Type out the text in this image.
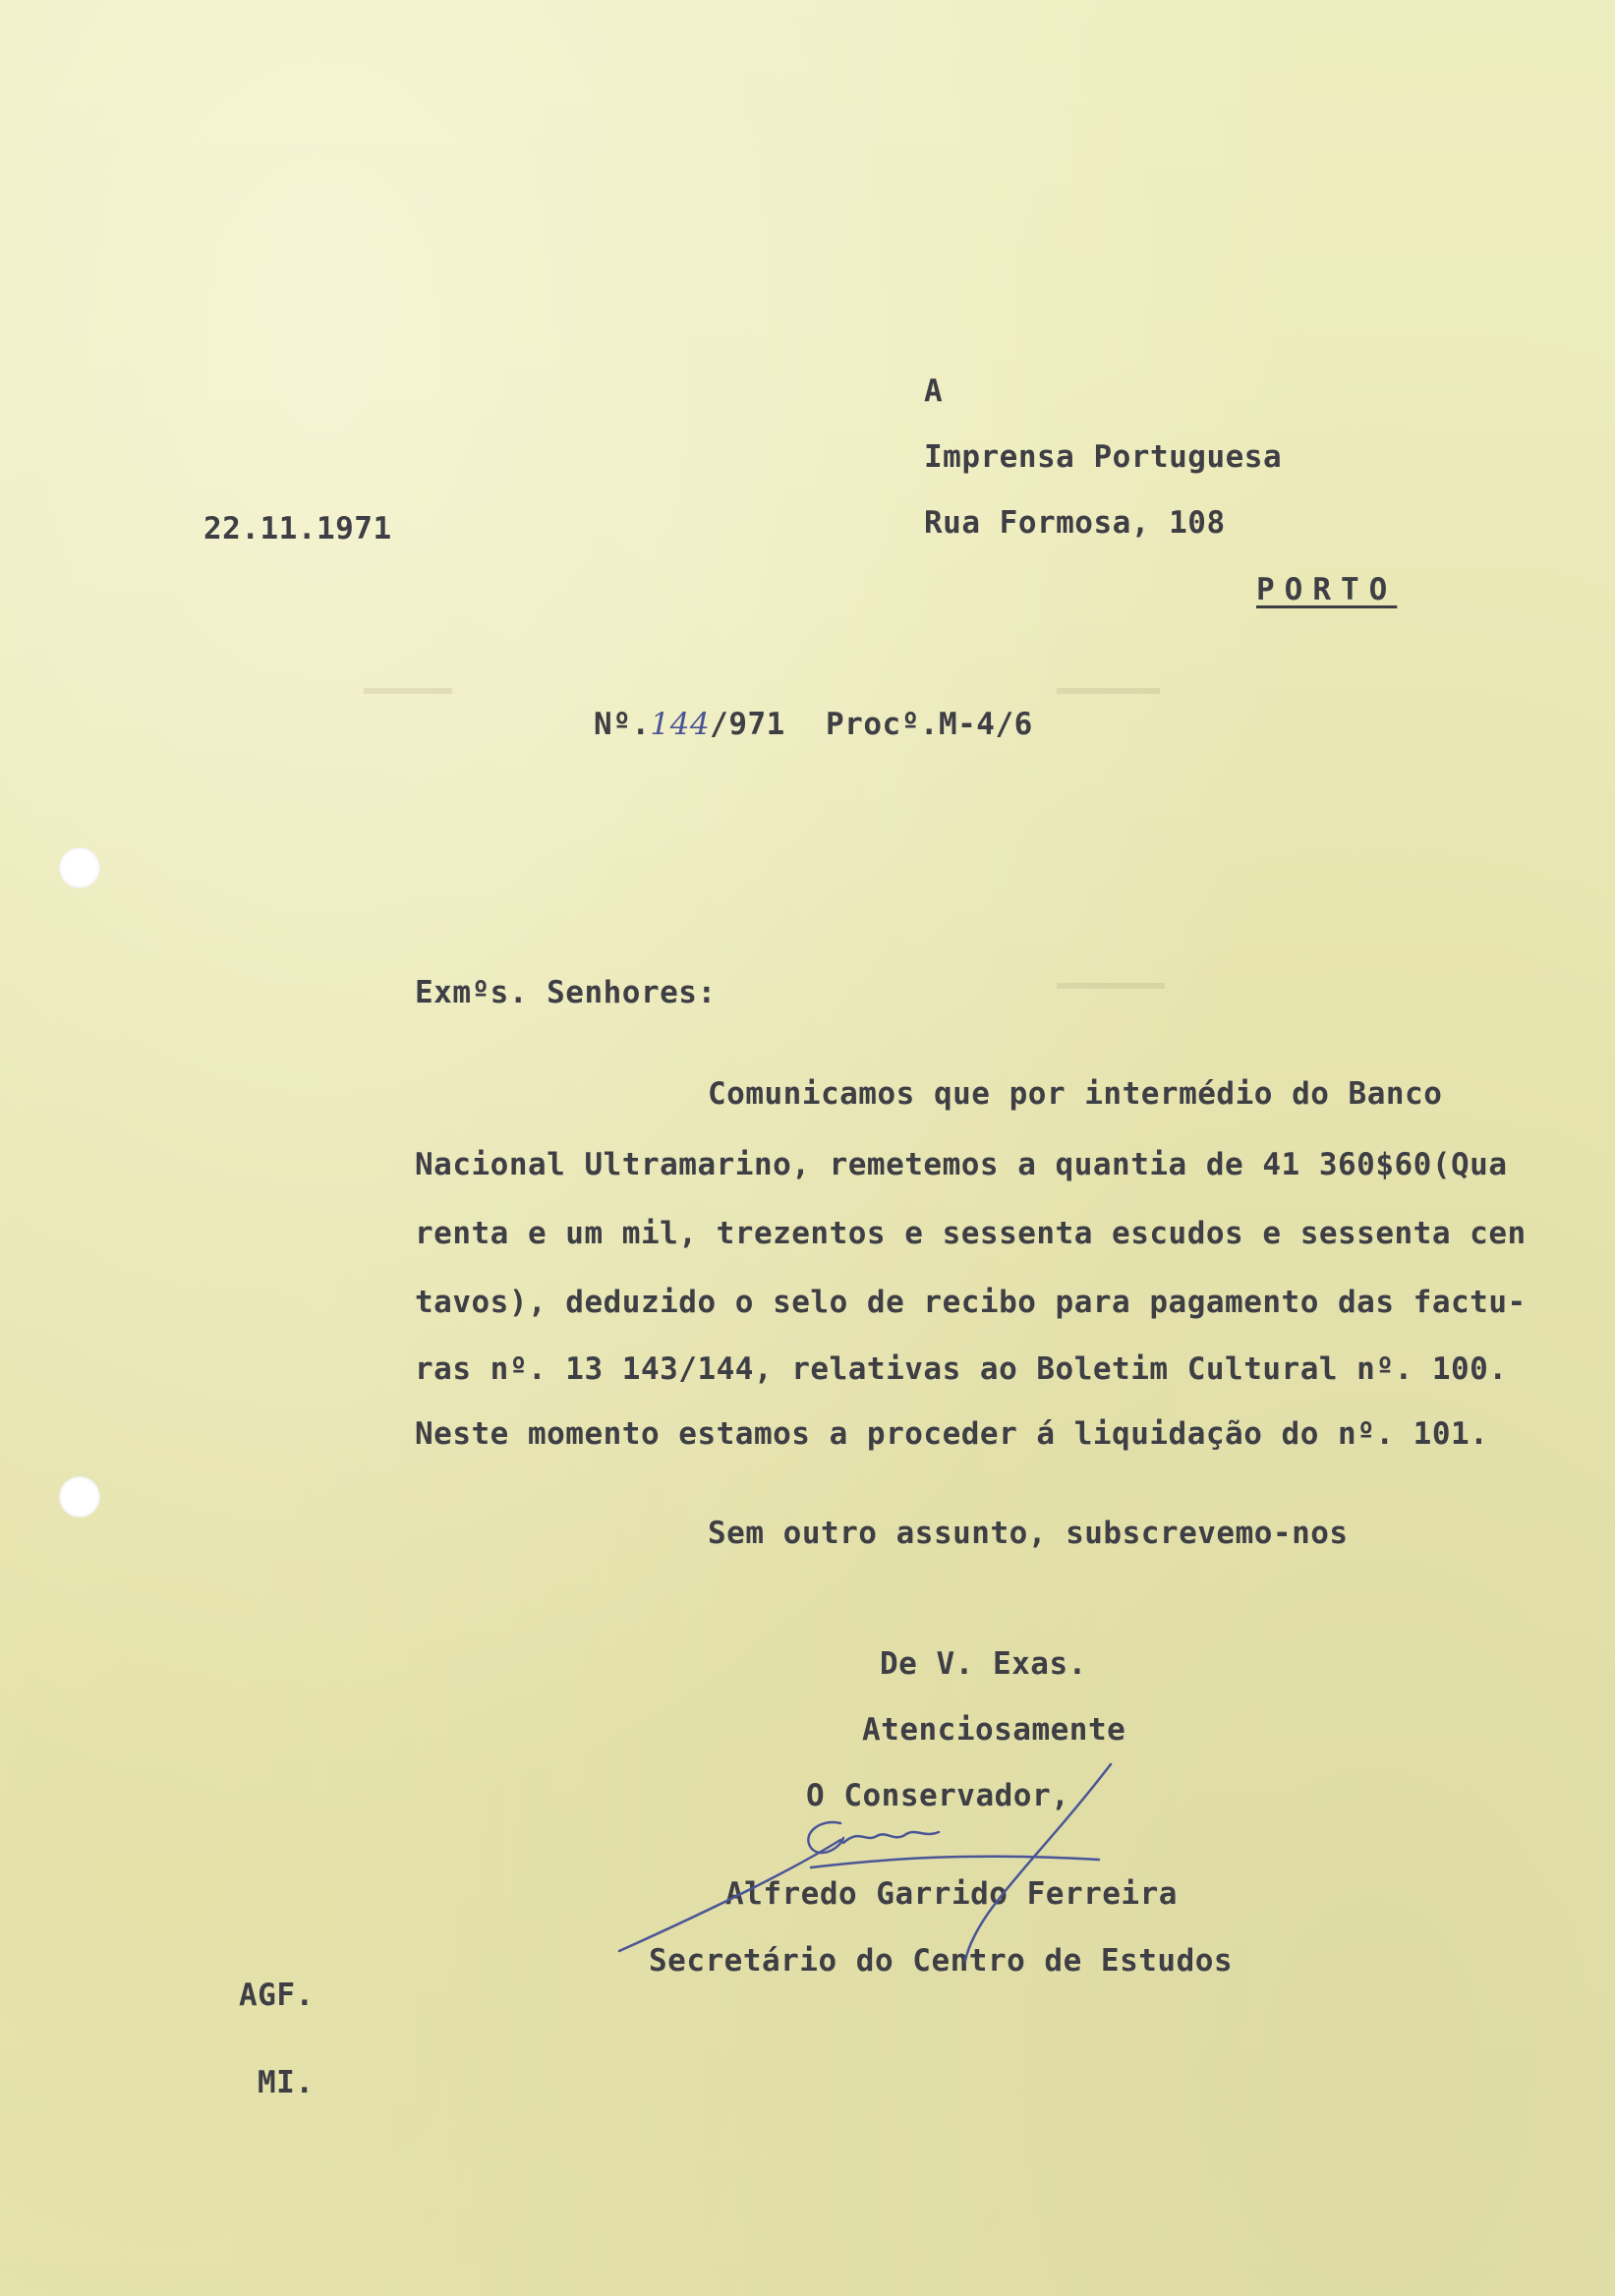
A
Imprensa Portuguesa
Rua Formosa, 108
PORTO
22.11.1971
Nº.144/971 Procº.M-4/6
Exmºs. Senhores:
Comunicamos que por intermédio do Banco
Nacional Ultramarino, remetemos a quantia de 41 360$60(Qua
renta e um mil, trezentos e sessenta escudos e sessenta cen
tavos), deduzido o selo de recibo para pagamento das factu-
ras nº. 13 143/144, relativas ao Boletim Cultural nº. 100.
Neste momento estamos a proceder á liquidação do nº. 101.
Sem outro assunto, subscrevemo-nos
De V. Exas.
Atenciosamente
O Conservador,
Alfredo Garrido Ferreira
Secretário do Centro de Estudos
AGF.
MI.
